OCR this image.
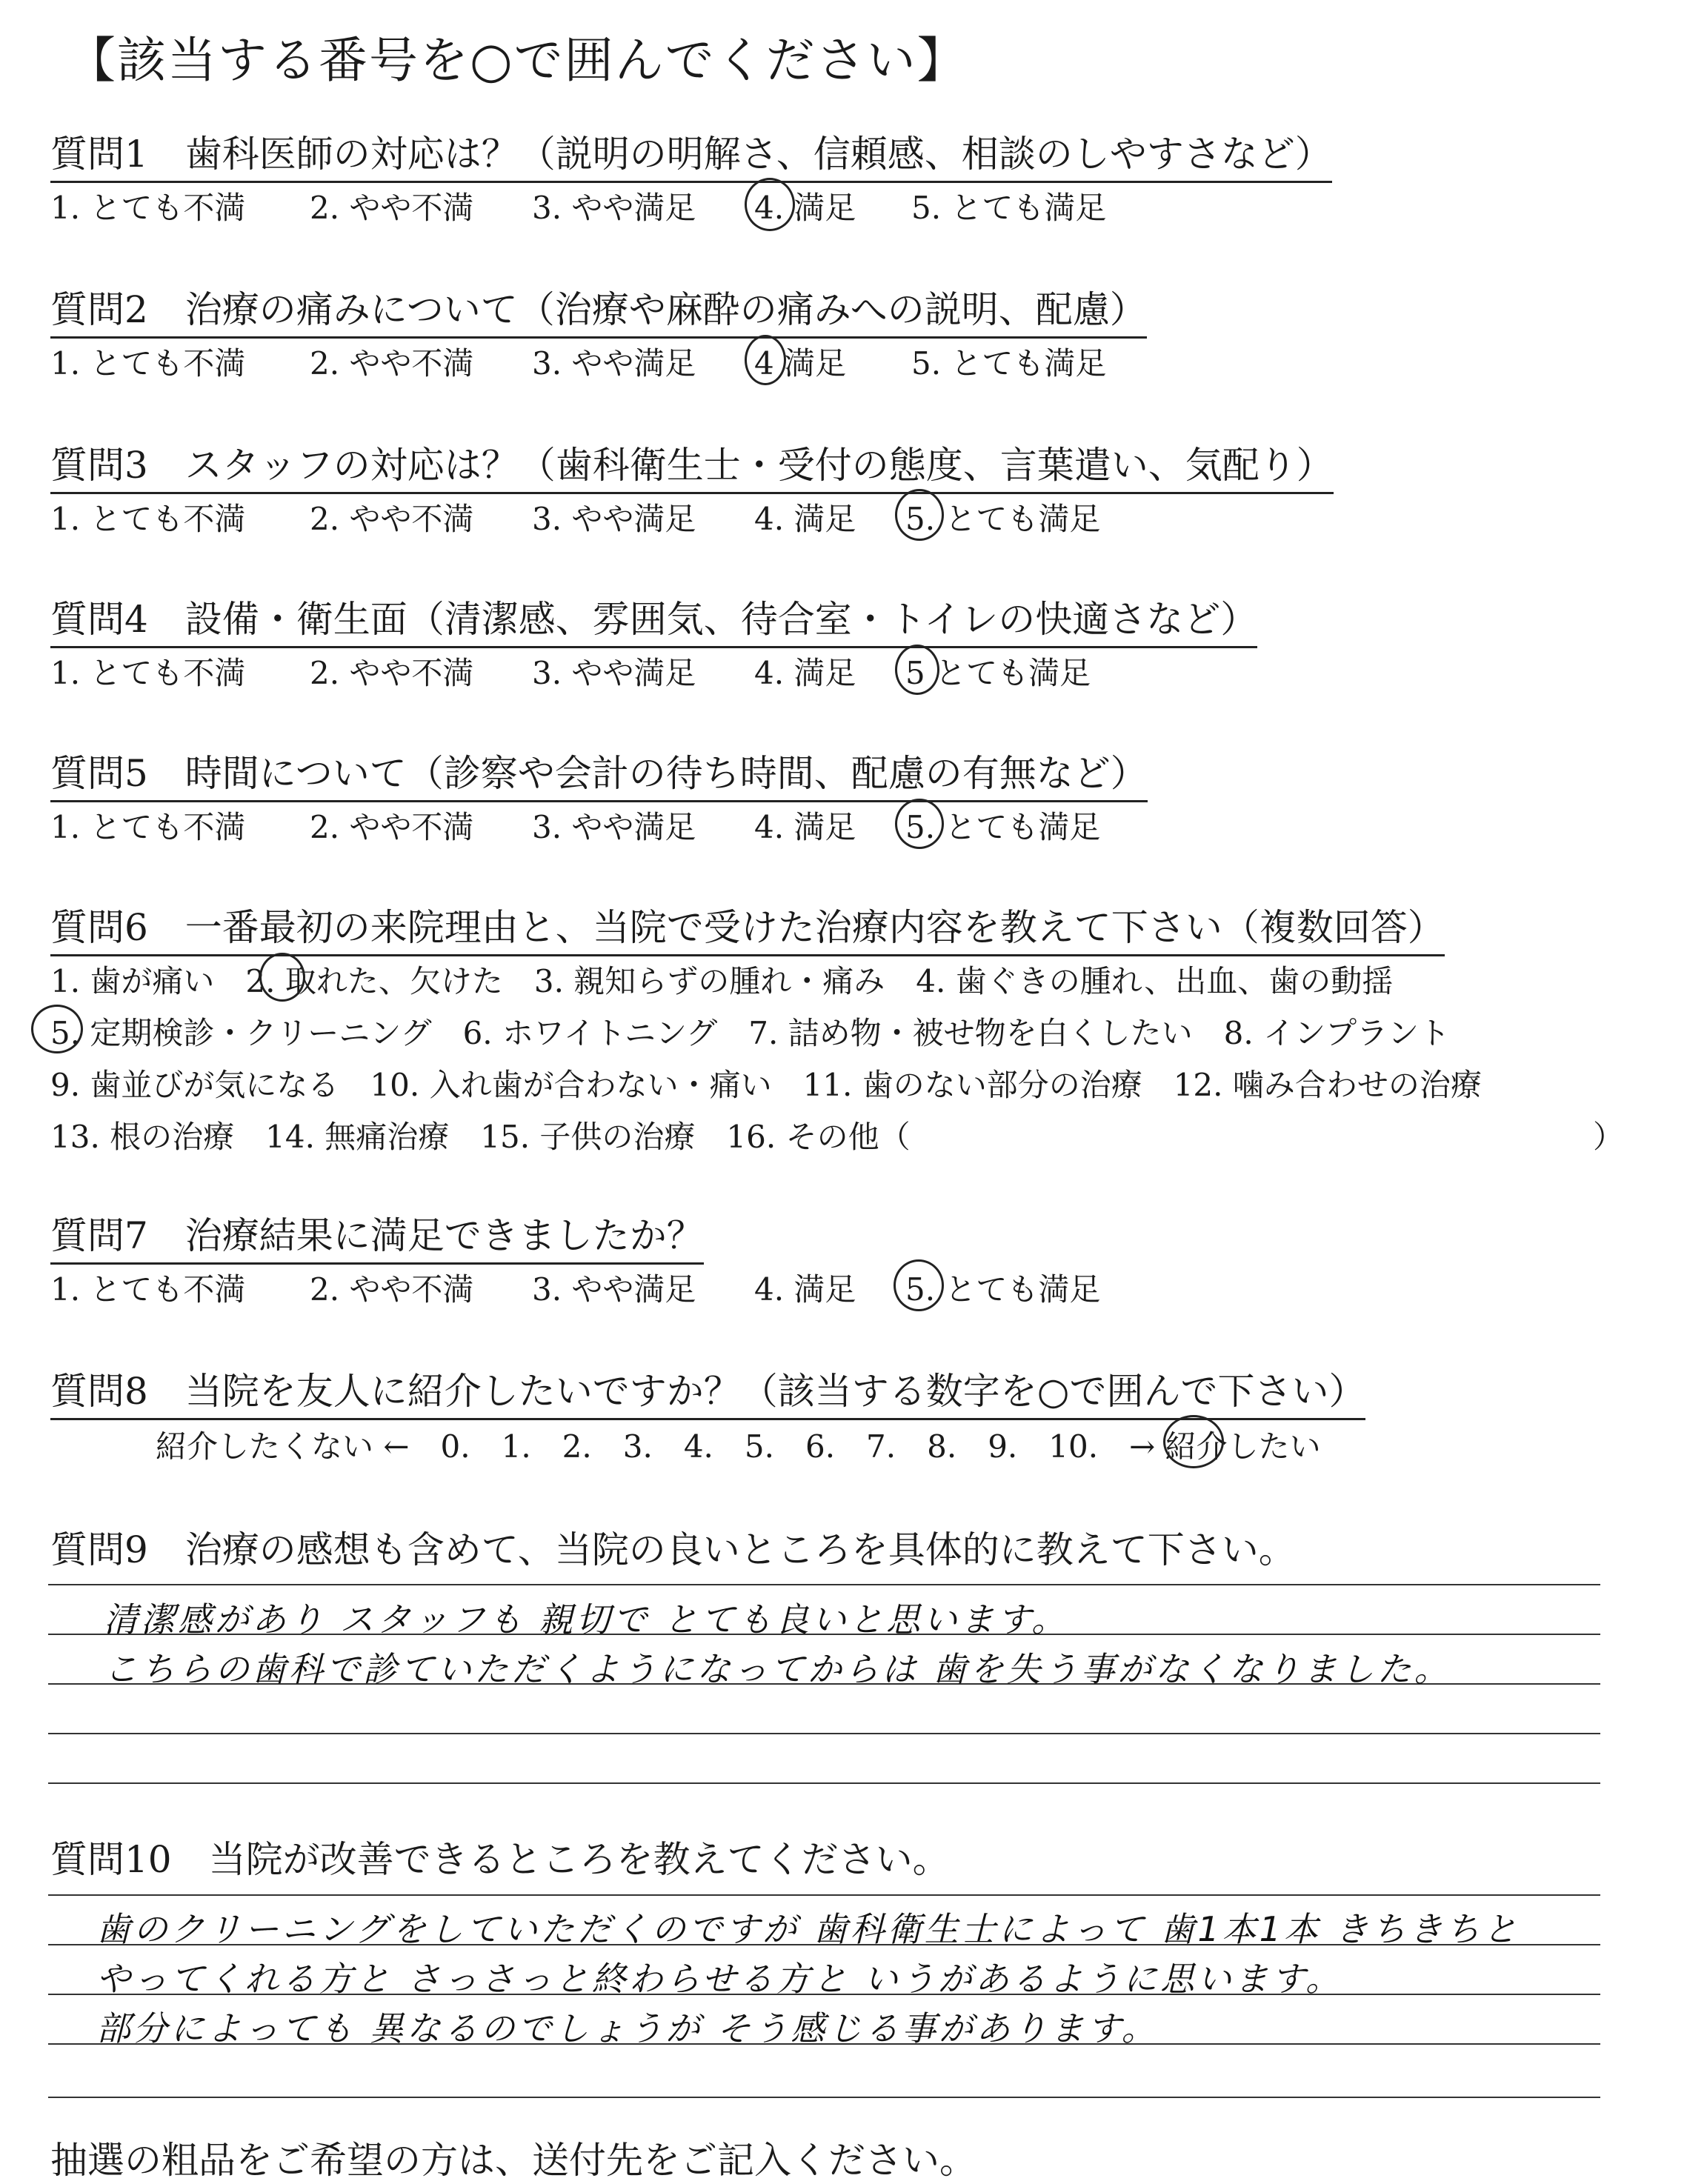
【該当する番号を○で囲んでください】
質問1　歯科医師の対応は？（説明の明解さ、信頼感、相談のしやすさなど）
1. とても不満 2. やや不満 3. やや満足 4. 満足 5. とても満足
質問2　治療の痛みについて（治療や麻酔の痛みへの説明、配慮）
1. とても不満 2. やや不満 3. やや満足 4 満足 5. とても満足
質問3　スタッフの対応は？（歯科衛生士・受付の態度、言葉遣い、気配り）
1. とても不満 2. やや不満 3. やや満足 4. 満足 5. とても満足
質問4　設備・衛生面（清潔感、雰囲気、待合室・トイレの快適さなど）
1. とても不満 2. やや不満 3. やや満足 4. 満足 5 とても満足
質問5　時間について（診察や会計の待ち時間、配慮の有無など）
1. とても不満 2. やや不満 3. やや満足 4. 満足 5. とても満足
質問6　一番最初の来院理由と、当院で受けた治療内容を教えて下さい（複数回答）
1. 歯が痛い　2. 取れた、欠けた　3. 親知らずの腫れ・痛み　4. 歯ぐきの腫れ、出血、歯の動揺
5. 定期検診・クリーニング　6. ホワイトニング　7. 詰め物・被せ物を白くしたい　8. インプラント
9. 歯並びが気になる　10. 入れ歯が合わない・痛い　11. 歯のない部分の治療　12. 噛み合わせの治療
13. 根の治療　14. 無痛治療　15. 子供の治療　16. その他（	）
質問7　治療結果に満足できましたか？
1. とても不満 2. やや不満 3. やや満足 4. 満足 5. とても満足
質問8　当院を友人に紹介したいですか？（該当する数字を○で囲んで下さい）
紹介したくない ←　0.　1.　2.　3.　4.　5.　6.　7.　8.　9.　10.　→ 紹介したい
質問9　治療の感想も含めて、当院の良いところを具体的に教えて下さい。
清潔感があり スタッフも 親切で とても良いと思います。
こちらの歯科で診ていただくようになってからは 歯を失う事がなくなりました。
質問10　当院が改善できるところを教えてください。
歯のクリーニングをしていただくのですが 歯科衛生士によって 歯1本1本 きちきちと
やってくれる方と さっさっと終わらせる方と いうがあるように思います。
部分によっても 異なるのでしょうが そう感じる事があります。
抽選の粗品をご希望の方は、送付先をご記入ください。
